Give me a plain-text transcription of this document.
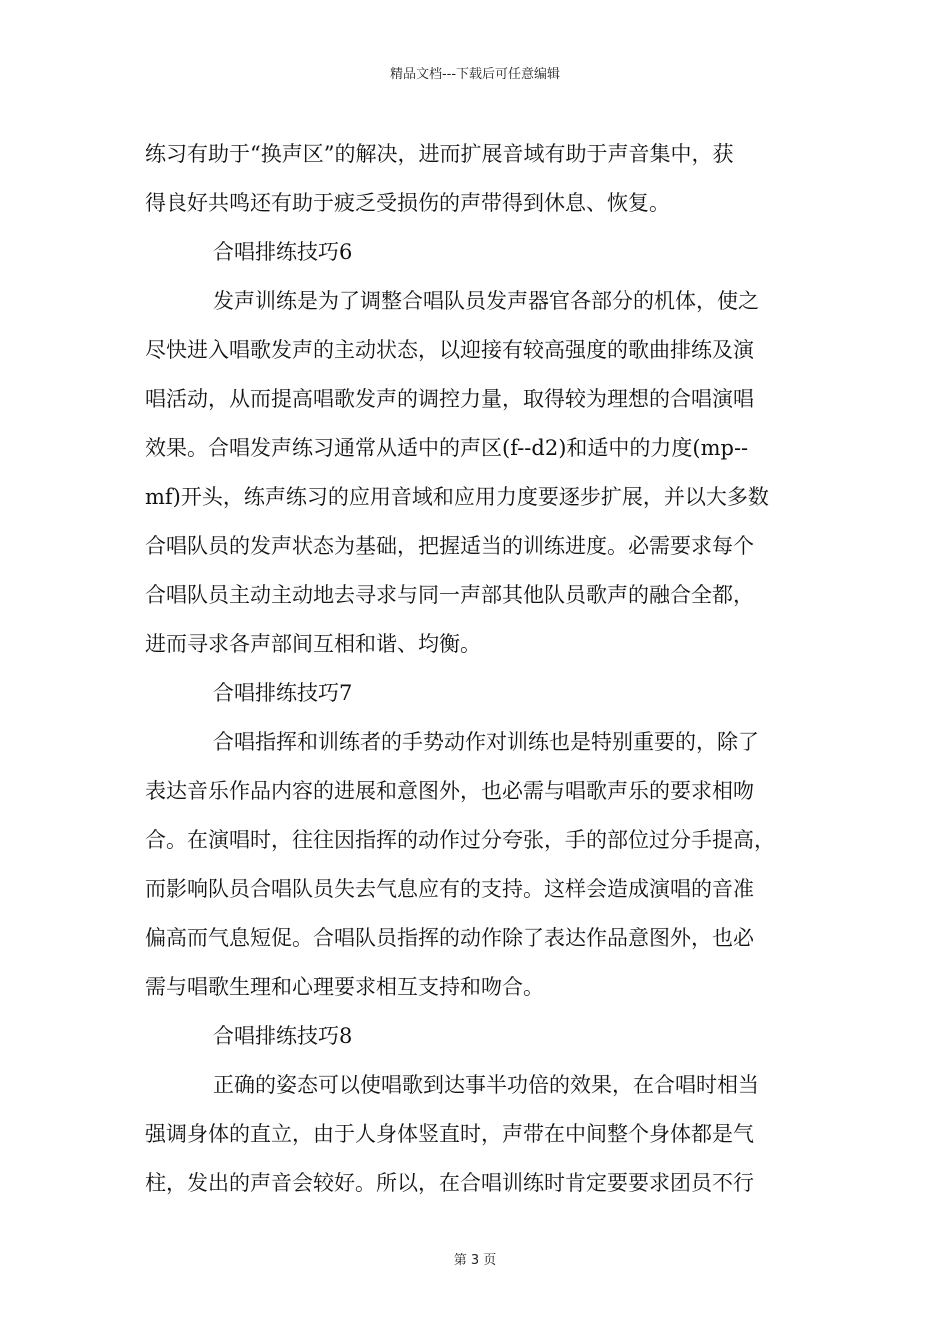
精品文档---下载后可任意编辑
练习有助于“换声区”的解决，进而扩展音域有助于声音集中，获
得良好共鸣还有助于疲乏受损伤的声带得到休息、恢复。
合唱排练技巧6
发声训练是为了调整合唱队员发声器官各部分的机体，使之
尽快进入唱歌发声的主动状态，以迎接有较高强度的歌曲排练及演
唱活动，从而提高唱歌发声的调控力量，取得较为理想的合唱演唱
效果。合唱发声练习通常从适中的声区(f--d2)和适中的力度(mp--
mf)开头，练声练习的应用音域和应用力度要逐步扩展，并以大多数
合唱队员的发声状态为基础，把握适当的训练进度。必需要求每个
合唱队员主动主动地去寻求与同一声部其他队员歌声的融合全都，
进而寻求各声部间互相和谐、均衡。
合唱排练技巧7
合唱指挥和训练者的手势动作对训练也是特别重要的，除了
表达音乐作品内容的进展和意图外，也必需与唱歌声乐的要求相吻
合。在演唱时，往往因指挥的动作过分夸张，手的部位过分手提高，
而影响队员合唱队员失去气息应有的支持。这样会造成演唱的音准
偏高而气息短促。合唱队员指挥的动作除了表达作品意图外，也必
需与唱歌生理和心理要求相互支持和吻合。
合唱排练技巧8
正确的姿态可以使唱歌到达事半功倍的效果，在合唱时相当
强调身体的直立，由于人身体竖直时，声带在中间整个身体都是气
柱，发出的声音会较好。所以，在合唱训练时肯定要要求团员不行
第 3 页
